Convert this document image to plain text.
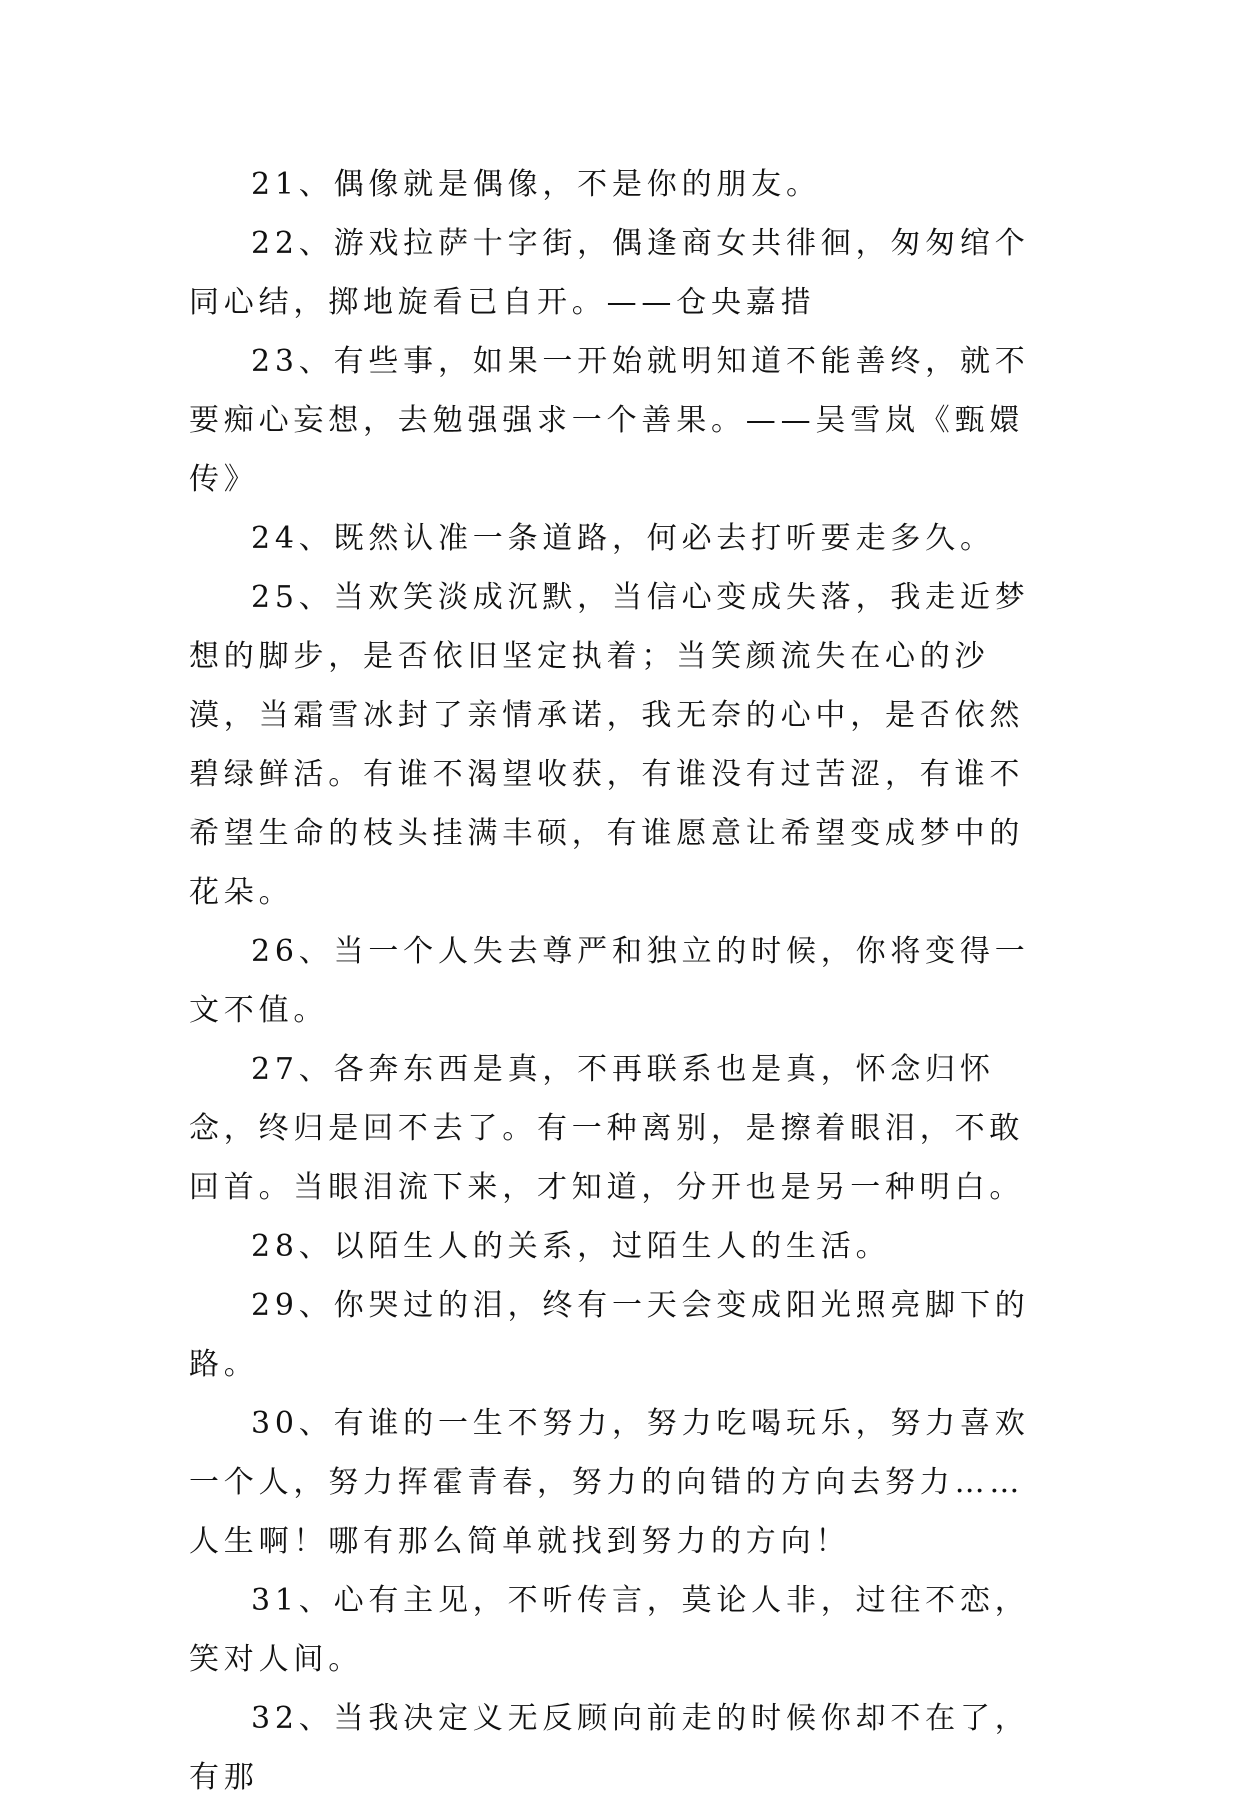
21、偶像就是偶像，不是你的朋友。

22、游戏拉萨十字街，偶逢商女共徘徊，匆匆绾个同心结，掷地旋看已自开。——仓央嘉措

23、有些事，如果一开始就明知道不能善终，就不要痴心妄想，去勉强强求一个善果。——吴雪岚《甄嬛传》

24、既然认准一条道路，何必去打听要走多久。

25、当欢笑淡成沉默，当信心变成失落，我走近梦想的脚步，是否依旧坚定执着；当笑颜流失在心的沙漠，当霜雪冰封了亲情承诺，我无奈的心中，是否依然碧绿鲜活。有谁不渴望收获，有谁没有过苦涩，有谁不希望生命的枝头挂满丰硕，有谁愿意让希望变成梦中的花朵。

26、当一个人失去尊严和独立的时候，你将变得一文不值。

27、各奔东西是真，不再联系也是真，怀念归怀念，终归是回不去了。有一种离别，是擦着眼泪，不敢回首。当眼泪流下来，才知道，分开也是另一种明白。

28、以陌生人的关系，过陌生人的生活。

29、你哭过的泪，终有一天会变成阳光照亮脚下的路。

30、有谁的一生不努力，努力吃喝玩乐，努力喜欢一个人，努力挥霍青春，努力的向错的方向去努力……人生啊！哪有那么简单就找到努力的方向！

31、心有主见，不听传言，莫论人非，过往不恋，笑对人间。

32、当我决定义无反顾向前走的时候你却不在了，有那
